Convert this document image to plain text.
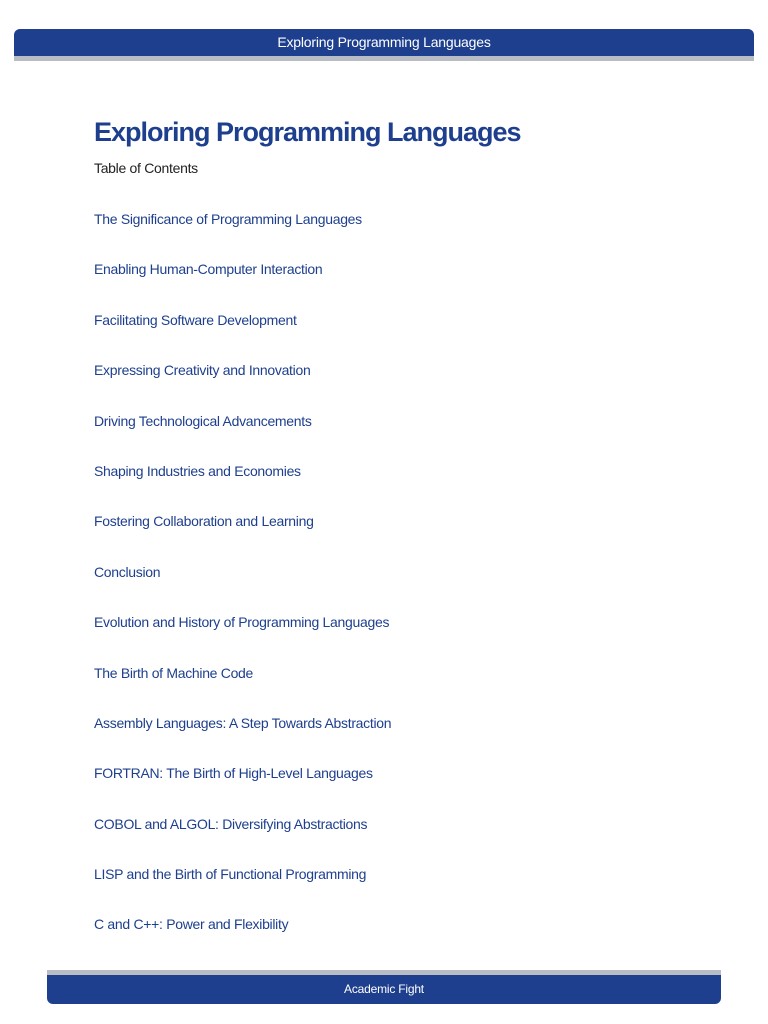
Exploring Programming Languages
Exploring Programming Languages
Table of Contents
The Significance of Programming Languages
Enabling Human-Computer Interaction
Facilitating Software Development
Expressing Creativity and Innovation
Driving Technological Advancements
Shaping Industries and Economies
Fostering Collaboration and Learning
Conclusion
Evolution and History of Programming Languages
The Birth of Machine Code
Assembly Languages: A Step Towards Abstraction
FORTRAN: The Birth of High-Level Languages
COBOL and ALGOL: Diversifying Abstractions
LISP and the Birth of Functional Programming
C and C++: Power and Flexibility
Academic Fight
